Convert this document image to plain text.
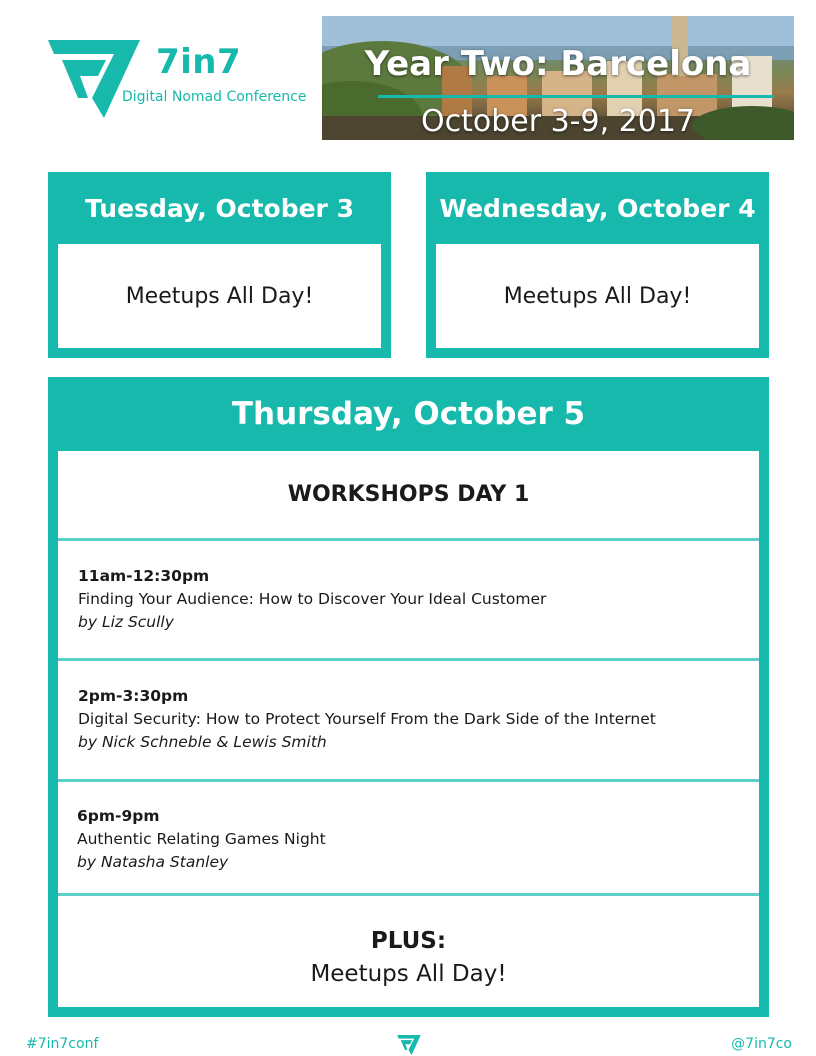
7in7
Digital Nomad Conference
Year Two: Barcelona
October 3-9, 2017
Tuesday, October 3
Meetups All Day!
Wednesday, October 4
Meetups All Day!
Thursday, October 5
WORKSHOPS DAY 1
11am-12:30pm
Finding Your Audience: How to Discover Your Ideal Customer
by Liz Scully
2pm-3:30pm
Digital Security: How to Protect Yourself From the Dark Side of the Internet
by Nick Schneble & Lewis Smith
6pm-9pm
Authentic Relating Games Night
by Natasha Stanley
PLUS:
Meetups All Day!
#7in7conf	@7in7co
